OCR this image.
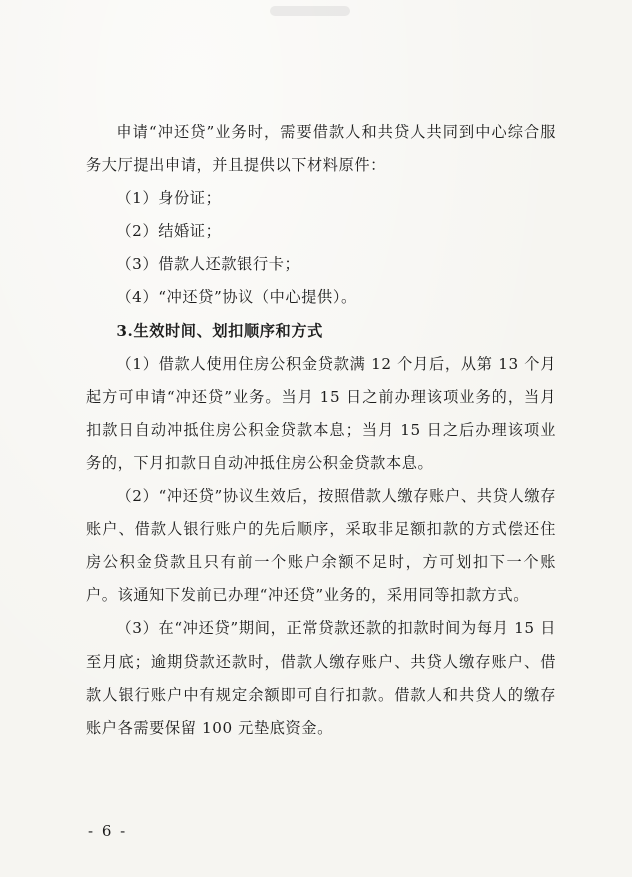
申请“冲还贷”业务时，需要借款人和共贷人共同到中心综合服务大厅提出申请，并且提供以下材料原件：

（1）身份证；

（2）结婚证；

（3）借款人还款银行卡；

（4）“冲还贷”协议（中心提供）。

3.生效时间、划扣顺序和方式

（1）借款人使用住房公积金贷款满 12 个月后，从第 13 个月起方可申请“冲还贷”业务。当月 15 日之前办理该项业务的，当月扣款日自动冲抵住房公积金贷款本息；当月 15 日之后办理该项业务的，下月扣款日自动冲抵住房公积金贷款本息。

（2）“冲还贷”协议生效后，按照借款人缴存账户、共贷人缴存账户、借款人银行账户的先后顺序，采取非足额扣款的方式偿还住房公积金贷款且只有前一个账户余额不足时，方可划扣下一个账户。该通知下发前已办理“冲还贷”业务的，采用同等扣款方式。

（3）在“冲还贷”期间，正常贷款还款的扣款时间为每月 15 日至月底；逾期贷款还款时，借款人缴存账户、共贷人缴存账户、借款人银行账户中有规定余额即可自行扣款。借款人和共贷人的缴存账户各需要保留 100 元垫底资金。

- 6 -
